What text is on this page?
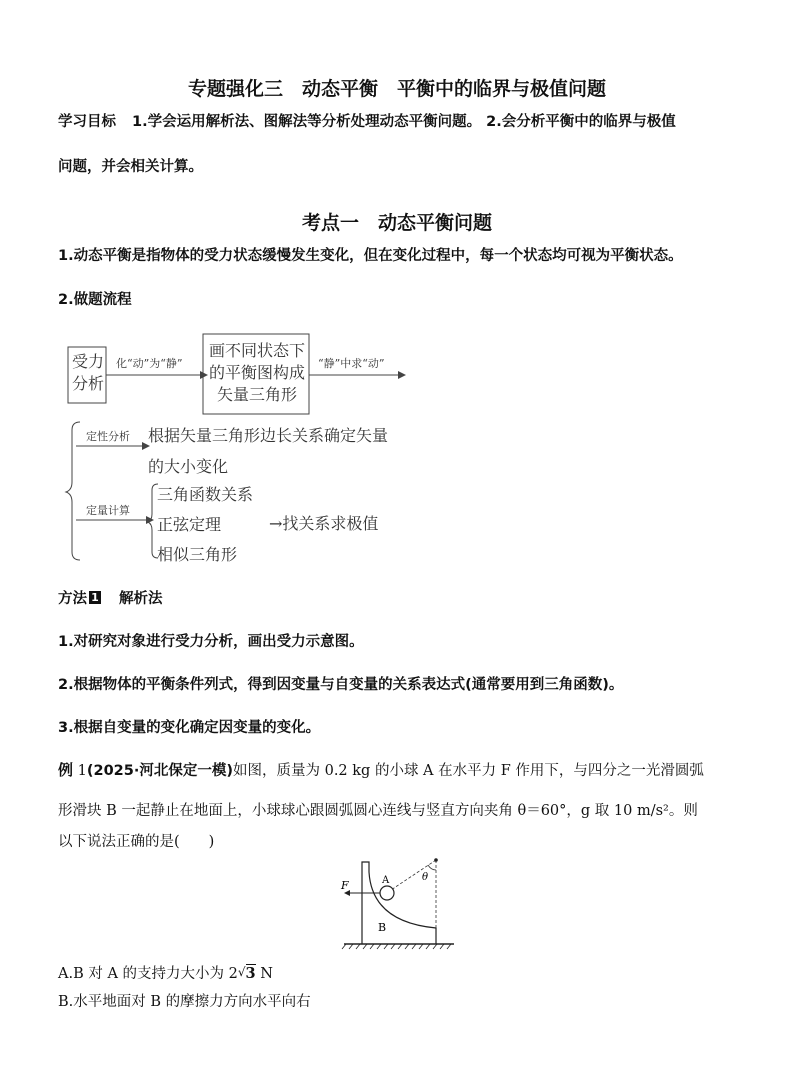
专题强化三　动态平衡　平衡中的临界与极值问题
学习目标 1.学会运用解析法、图解法等分析处理动态平衡问题。 2.会分析平衡中的临界与极值
问题，并会相关计算。
考点一　动态平衡问题
1.动态平衡是指物体的受力状态缓慢发生变化，但在变化过程中，每一个状态均可视为平衡状态。
2.做题流程
受力
分析
化“动”为“静”
画不同状态下
的平衡图构成
矢量三角形
“静”中求“动”
定性分析 根据矢量三角形边长关系确定矢量
的大小变化
定量计算
三角函数关系
正弦定理
相似三角形
→找关系求极值
方法 1 解析法
1.对研究对象进行受力分析，画出受力示意图。
2.根据物体的平衡条件列式，得到因变量与自变量的关系表达式(通常要用到三角函数)。
3.根据自变量的变化确定因变量的变化。
例 1(2025·河北保定一模)如图，质量为 0.2 kg 的小球 A 在水平力 F 作用下，与四分之一光滑圆弧
形滑块 B 一起静止在地面上，小球球心跟圆弧圆心连线与竖直方向夹角 θ＝60°，g 取 10 m/s²。则
以下说法正确的是(　　)
F	A
B
θ
A.B 对 A 的支持力大小为 2√3 N
B.水平地面对 B 的摩擦力方向水平向右
